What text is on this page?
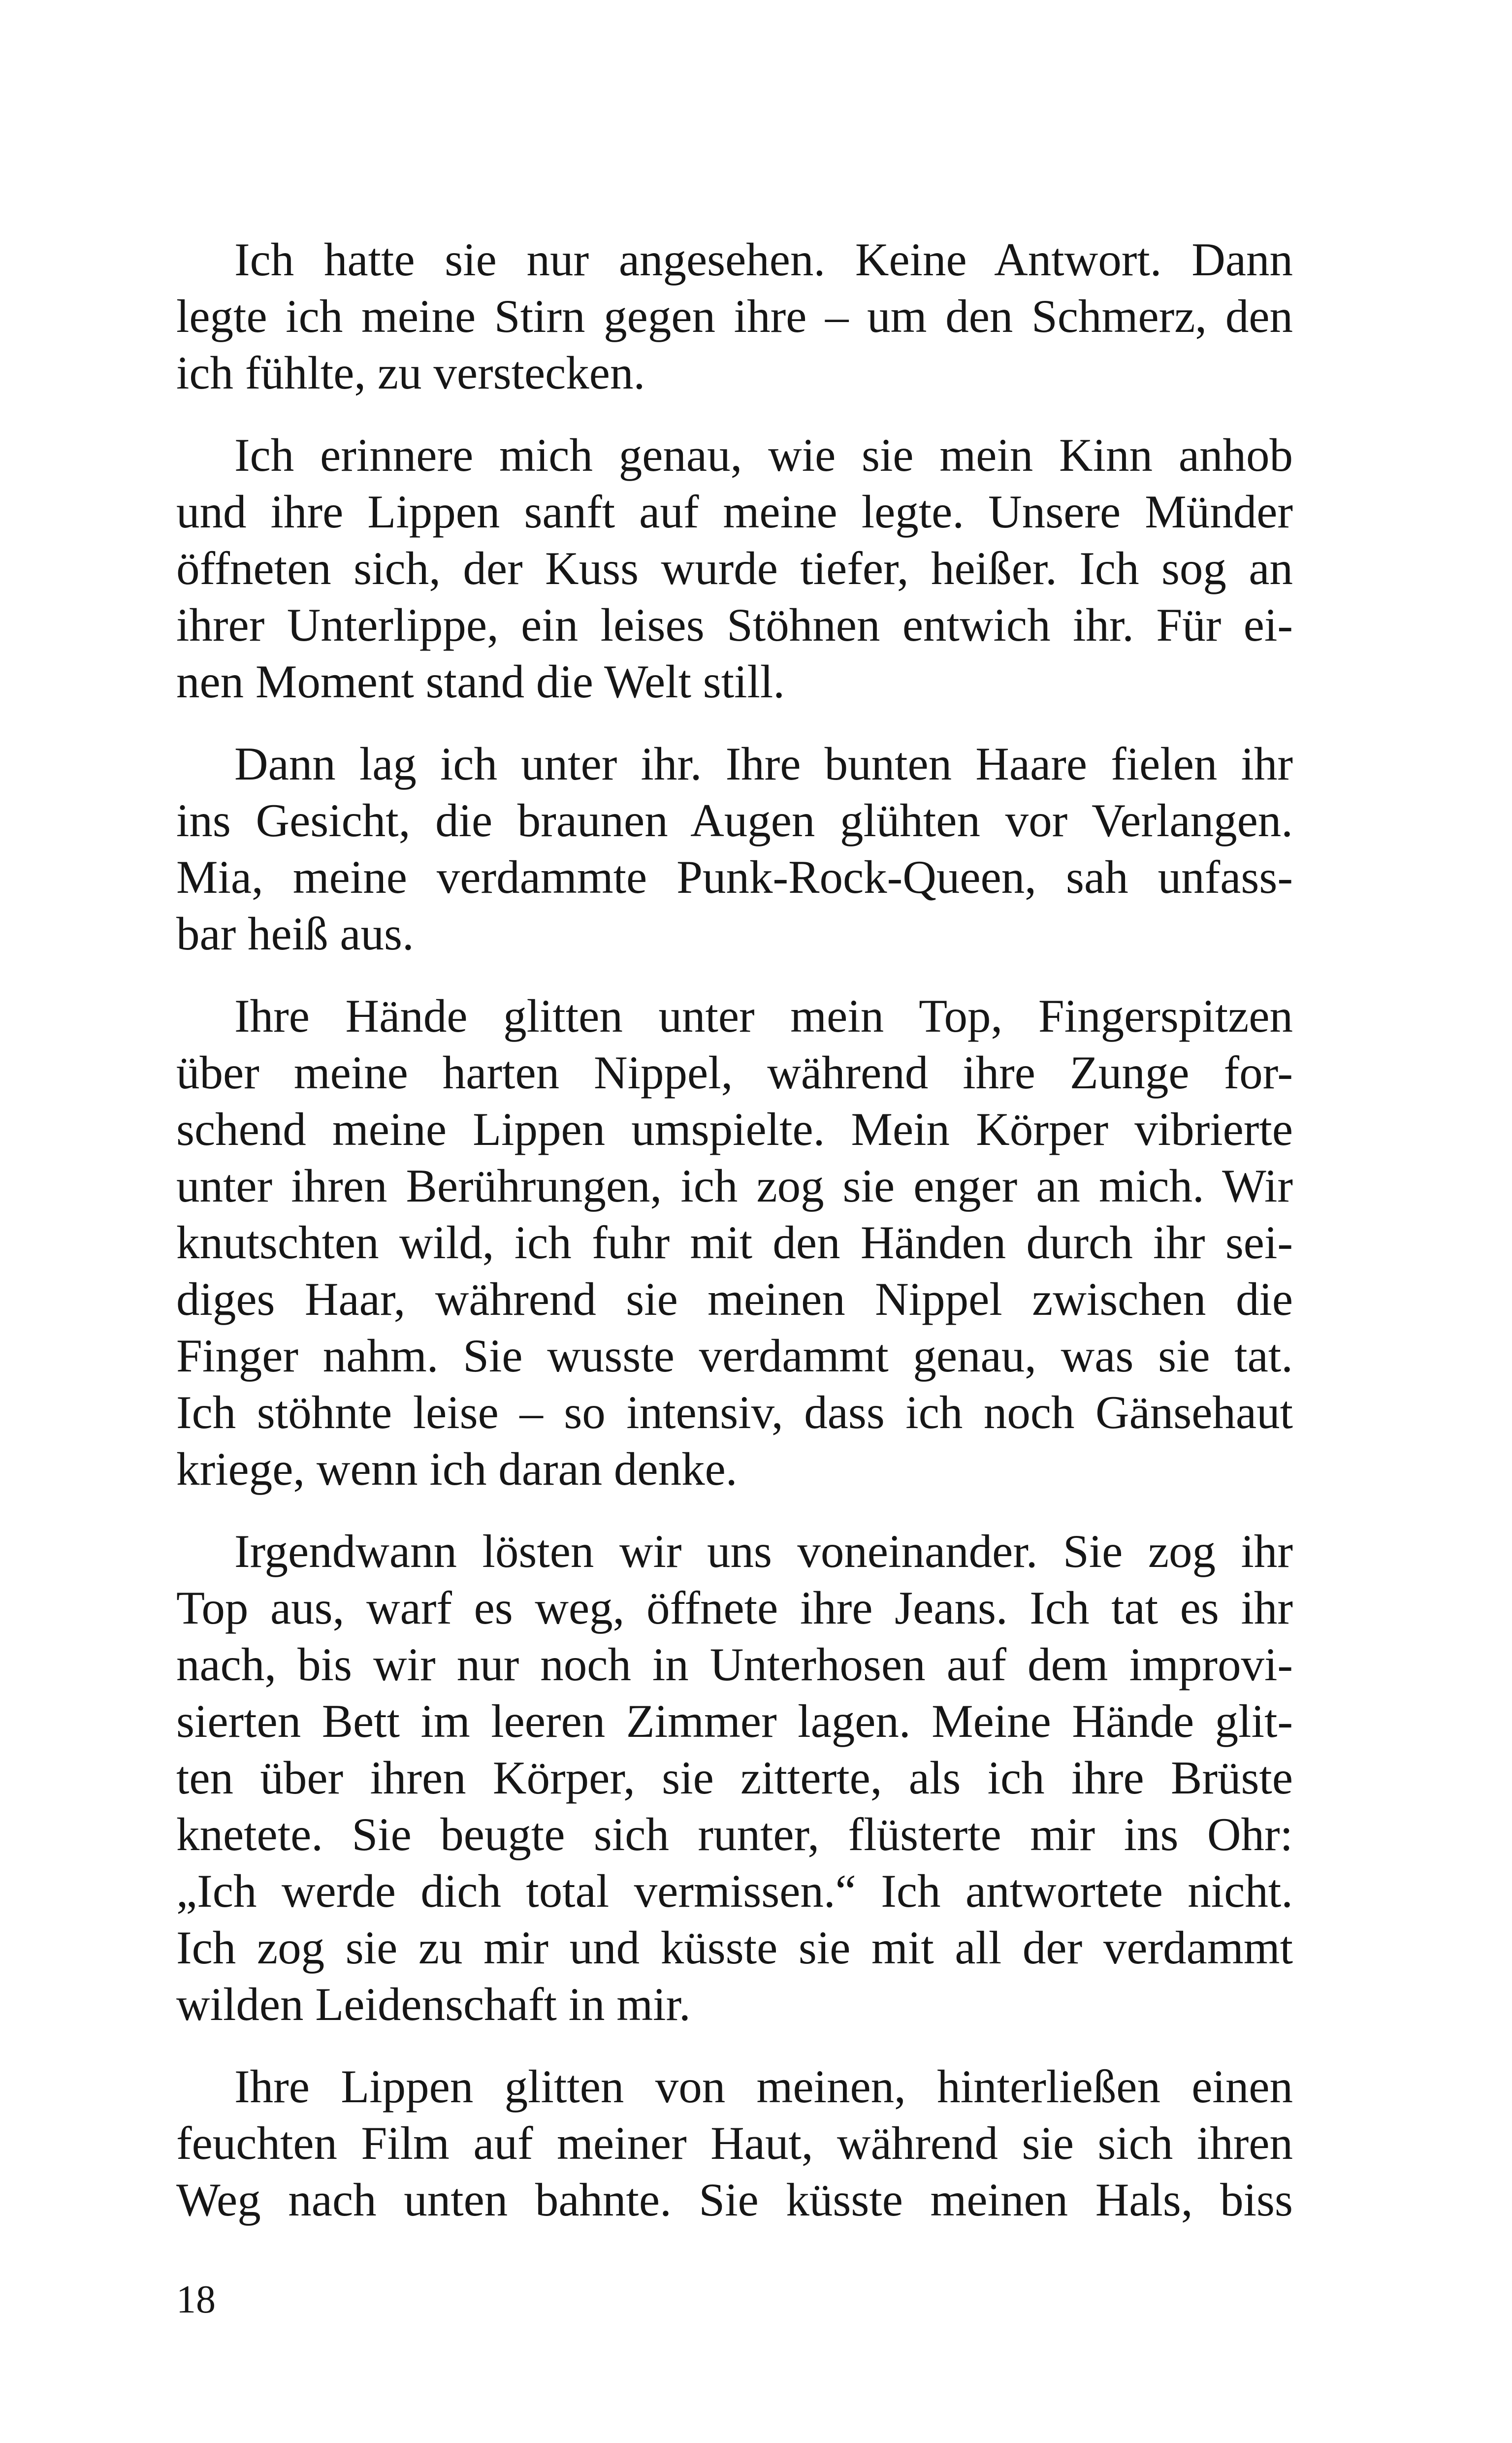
Ich hatte sie nur angesehen. Keine Antwort. Dann
legte ich meine Stirn gegen ihre – um den Schmerz, den
ich fühlte, zu verstecken.
Ich erinnere mich genau, wie sie mein Kinn anhob
und ihre Lippen sanft auf meine legte. Unsere Münder
öffneten sich, der Kuss wurde tiefer, heißer. Ich sog an
ihrer Unterlippe, ein leises Stöhnen entwich ihr. Für ei-
nen Moment stand die Welt still.
Dann lag ich unter ihr. Ihre bunten Haare fielen ihr
ins Gesicht, die braunen Augen glühten vor Verlangen.
Mia, meine verdammte Punk-Rock-Queen, sah unfass-
bar heiß aus.
Ihre Hände glitten unter mein Top, Fingerspitzen
über meine harten Nippel, während ihre Zunge for-
schend meine Lippen umspielte. Mein Körper vibrierte
unter ihren Berührungen, ich zog sie enger an mich. Wir
knutschten wild, ich fuhr mit den Händen durch ihr sei-
diges Haar, während sie meinen Nippel zwischen die
Finger nahm. Sie wusste verdammt genau, was sie tat.
Ich stöhnte leise – so intensiv, dass ich noch Gänsehaut
kriege, wenn ich daran denke.
Irgendwann lösten wir uns voneinander. Sie zog ihr
Top aus, warf es weg, öffnete ihre Jeans. Ich tat es ihr
nach, bis wir nur noch in Unterhosen auf dem improvi-
sierten Bett im leeren Zimmer lagen. Meine Hände glit-
ten über ihren Körper, sie zitterte, als ich ihre Brüste
knetete. Sie beugte sich runter, flüsterte mir ins Ohr:
„Ich werde dich total vermissen.“ Ich antwortete nicht.
Ich zog sie zu mir und küsste sie mit all der verdammt
wilden Leidenschaft in mir.
Ihre Lippen glitten von meinen, hinterließen einen
feuchten Film auf meiner Haut, während sie sich ihren
Weg nach unten bahnte. Sie küsste meinen Hals, biss
18
